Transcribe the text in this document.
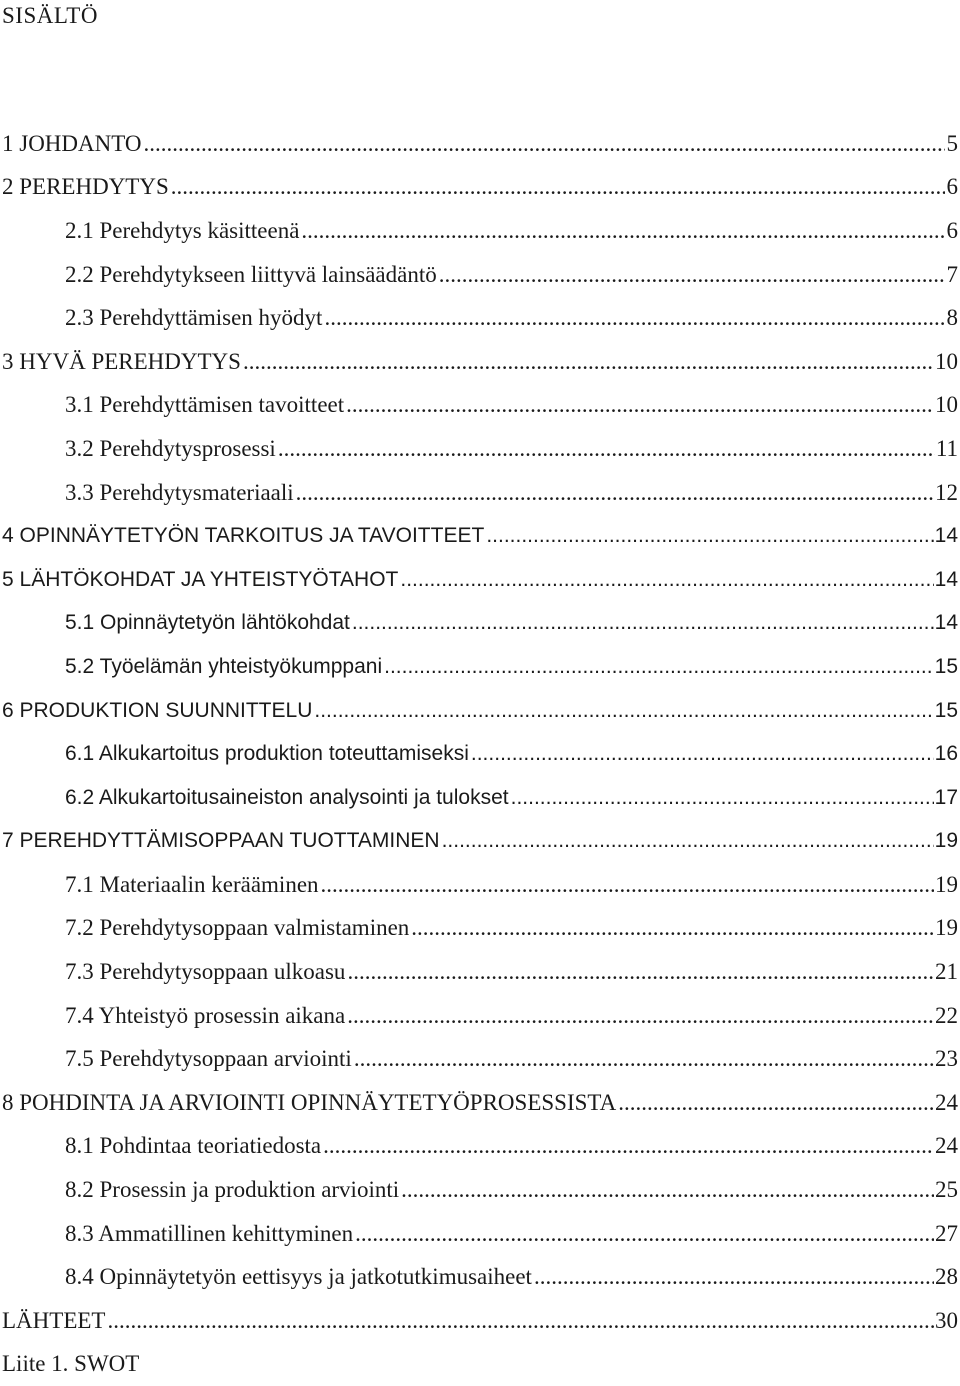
SISÄLTÖ
1 JOHDANTO .....	5
2 PEREHDYTYS .....	6
2.1 Perehdytys käsitteenä .....	6
2.2 Perehdytykseen liittyvä lainsäädäntö .....	7
2.3 Perehdyttämisen hyödyt .....	8
3 HYVÄ PEREHDYTYS .....	10
3.1 Perehdyttämisen tavoitteet .....	10
3.2 Perehdytysprosessi .....	11
3.3 Perehdytysmateriaali .....	12
4 OPINNÄYTETYÖN TARKOITUS JA TAVOITTEET .....	14
5 LÄHTÖKOHDAT JA YHTEISTYÖTAHOT .....	14
5.1 Opinnäytetyön lähtökohdat .....	14
5.2 Työelämän yhteistyökumppani .....	15
6 PRODUKTION SUUNNITTELU .....	15
6.1 Alkukartoitus produktion toteuttamiseksi .....	16
6.2 Alkukartoitusaineiston analysointi ja tulokset .....	17
7 PEREHDYTTÄMISOPPAAN TUOTTAMINEN .....	19
7.1 Materiaalin kerääminen .....	19
7.2 Perehdytysoppaan valmistaminen .....	19
7.3 Perehdytysoppaan ulkoasu .....	21
7.4 Yhteistyö prosessin aikana .....	22
7.5 Perehdytysoppaan arviointi .....	23
8 POHDINTA JA ARVIOINTI OPINNÄYTETYÖPROSESSISTA .....	24
8.1 Pohdintaa teoriatiedosta .....	24
8.2 Prosessin ja produktion arviointi .....	25
8.3 Ammatillinen kehittyminen .....	27
8.4 Opinnäytetyön eettisyys ja jatkotutkimusaiheet .....	28
LÄHTEET .....	30
Liite 1. SWOT
